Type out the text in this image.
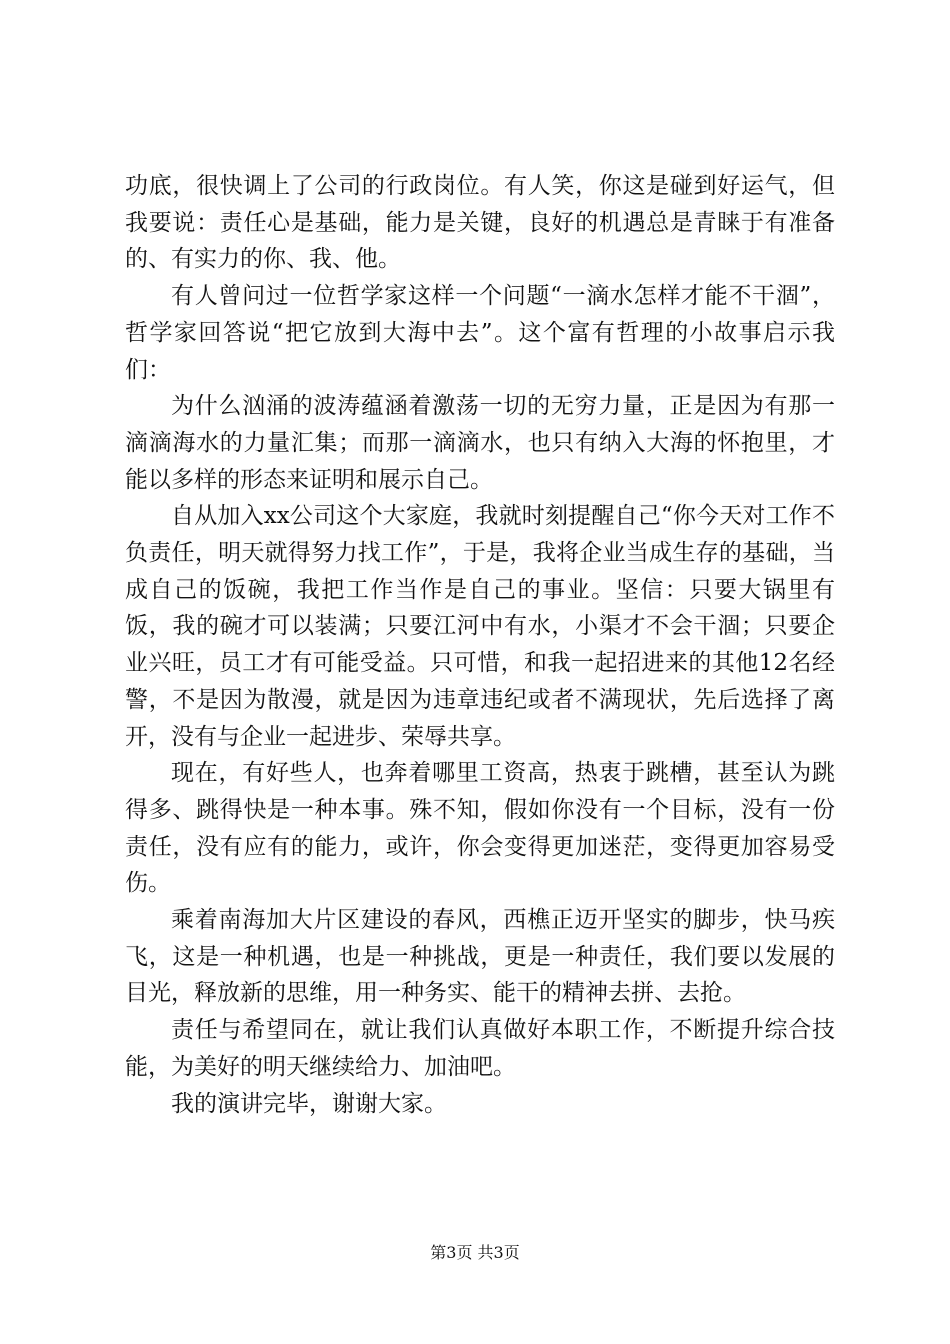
功底，很快调上了公司的行政岗位。有人笑，你这是碰到好运气，但我要说：责任心是基础，能力是关键，良好的机遇总是青睐于有准备的、有实力的你、我、他。

有人曾问过一位哲学家这样一个问题“一滴水怎样才能不干涸”，哲学家回答说“把它放到大海中去”。这个富有哲理的小故事启示我们：

为什么汹涌的波涛蕴涵着激荡一切的无穷力量，正是因为有那一滴滴海水的力量汇集；而那一滴滴水，也只有纳入大海的怀抱里，才能以多样的形态来证明和展示自己。

自从加入xx公司这个大家庭，我就时刻提醒自己“你今天对工作不负责任，明天就得努力找工作”，于是，我将企业当成生存的基础，当成自己的饭碗，我把工作当作是自己的事业。坚信：只要大锅里有饭，我的碗才可以装满；只要江河中有水，小渠才不会干涸；只要企业兴旺，员工才有可能受益。只可惜，和我一起招进来的其他12名经警，不是因为散漫，就是因为违章违纪或者不满现状，先后选择了离开，没有与企业一起进步、荣辱共享。

现在，有好些人，也奔着哪里工资高，热衷于跳槽，甚至认为跳得多、跳得快是一种本事。殊不知，假如你没有一个目标，没有一份责任，没有应有的能力，或许，你会变得更加迷茫，变得更加容易受伤。

乘着南海加大片区建设的春风，西樵正迈开坚实的脚步，快马疾飞，这是一种机遇，也是一种挑战，更是一种责任，我们要以发展的目光，释放新的思维，用一种务实、能干的精神去拼、去抢。

责任与希望同在，就让我们认真做好本职工作，不断提升综合技能，为美好的明天继续给力、加油吧。

我的演讲完毕，谢谢大家。

第3页 共3页
